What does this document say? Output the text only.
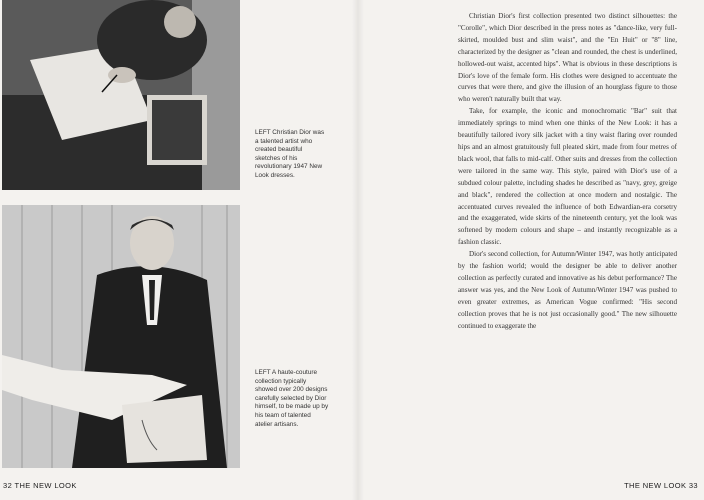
LEFT Christian Dior was a talented artist who created beautiful sketches of his revolutionary 1947 New Look dresses.
LEFT A haute-couture collection typically showed over 200 designs carefully selected by Dior himself, to be made up by his team of talented atelier artisans.
32 THE NEW LOOK

Christian Dior's first collection presented two distinct silhouettes: the "Corolle", which Dior described in the press notes as "dance-like, very full-skirted, moulded bust and slim waist", and the "En Huit" or "8" line, characterized by the designer as "clean and rounded, the chest is underlined, hollowed-out waist, accented hips". What is obvious in these descriptions is Dior's love of the female form. His clothes were designed to accentuate the curves that were there, and give the illusion of an hourglass figure to those who weren't naturally built that way.

Take, for example, the iconic and monochromatic "Bar" suit that immediately springs to mind when one thinks of the New Look: it has a beautifully tailored ivory silk jacket with a tiny waist flaring over rounded hips and an almost gratuitously full pleated skirt, made from four metres of black wool, that falls to mid-calf. Other suits and dresses from the collection were tailored in the same way. This style, paired with Dior's use of a subdued colour palette, including shades he described as "navy, grey, greige and black", rendered the collection at once modern and nostalgic. The accentuated curves revealed the influence of both Edwardian-era corsetry and the exaggerated, wide skirts of the nineteenth century, yet the look was softened by modern colours and shape – and instantly recognizable as a fashion classic.

Dior's second collection, for Autumn/Winter 1947, was hotly anticipated by the fashion world; would the designer be able to deliver another collection as perfectly curated and innovative as his debut performance? The answer was yes, and the New Look of Autumn/Winter 1947 was pushed to even greater extremes, as American Vogue confirmed: "His second collection proves that he is not just occasionally good." The new silhouette continued to exaggerate the

THE NEW LOOK 33
